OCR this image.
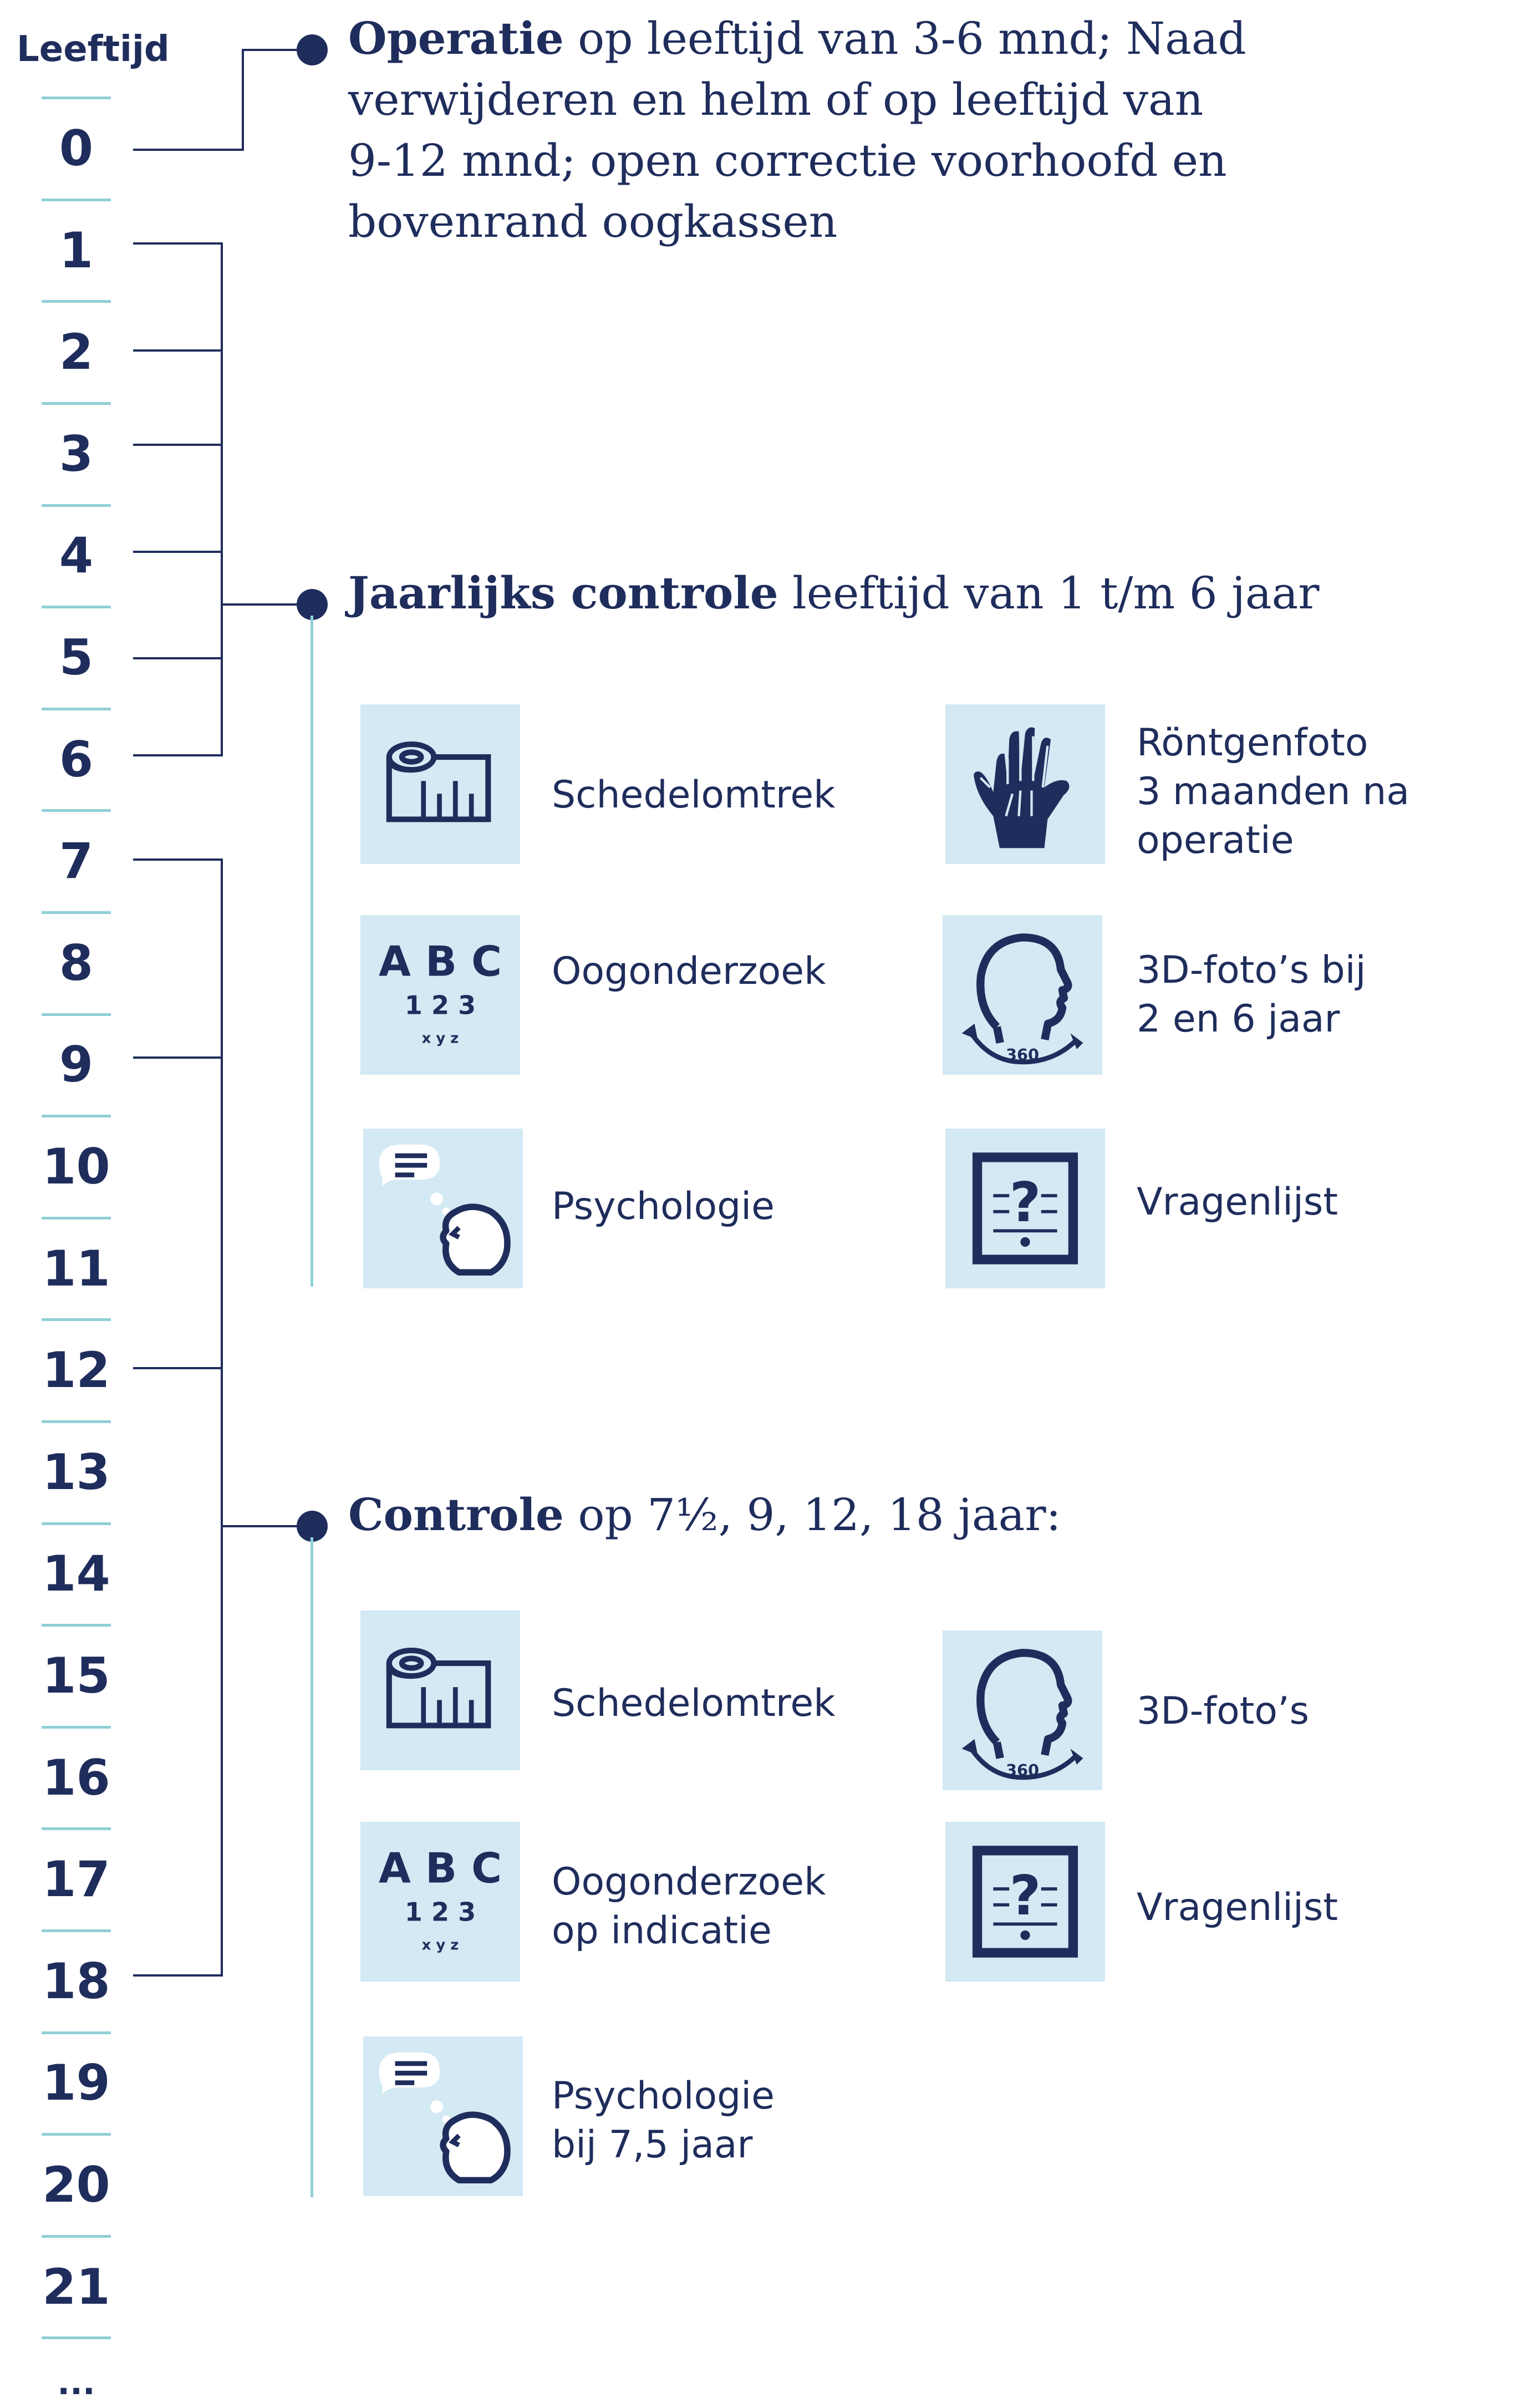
Leeftijd
0
1
2
3
4
5
6
7
8
9
10
11
12
13
14
15
16
17
18
19
20
21
...
Operatie op leeftijd van 3-6 mnd; Naad
verwijderen en helm of op leeftijd van
9-12 mnd; open correctie voorhoofd en
bovenrand oogkassen
Jaarlijks controle leeftijd van 1 t/m 6 jaar
Controle op 7½, 9, 12, 18 jaar:
Schedelomtrek
Röntgenfoto
3 maanden na
operatie
A B C
1 2 3
x y z
Oogonderzoek
360
3D-foto’s bij
2 en 6 jaar
Psychologie	?	Vragenlijst
Schedelomtrek
360
3D-foto’s
A B C
1 2 3
x y z
Oogonderzoek
op indicatie
?	Vragenlijst
Psychologie
bij 7,5 jaar
